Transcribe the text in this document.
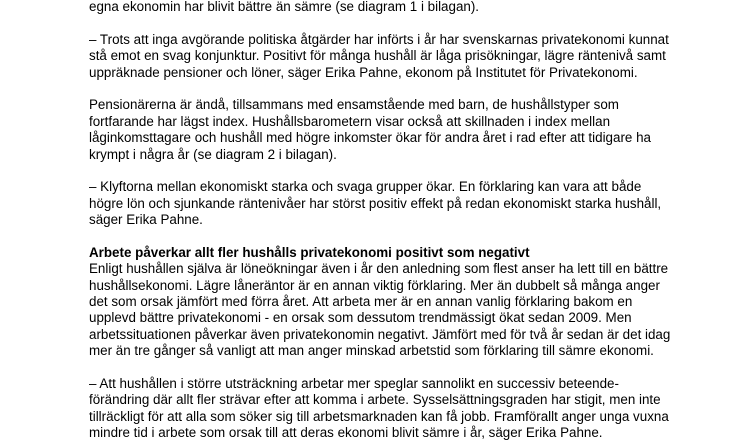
egna ekonomin har blivit bättre än sämre (se diagram 1 i bilagan).
– Trots att inga avgörande politiska åtgärder har införts i år har svenskarnas privatekonomi kunnat
stå emot en svag konjunktur. Positivt för många hushåll är låga prisökningar, lägre räntenivå samt
uppräknade pensioner och löner, säger Erika Pahne, ekonom på Institutet för Privatekonomi.
Pensionärerna är ändå, tillsammans med ensamstående med barn, de hushållstyper som
fortfarande har lägst index. Hushållsbarometern visar också att skillnaden i index mellan
låginkomsttagare och hushåll med högre inkomster ökar för andra året i rad efter att tidigare ha
krympt i några år (se diagram 2 i bilagan).
– Klyftorna mellan ekonomiskt starka och svaga grupper ökar. En förklaring kan vara att både
högre lön och sjunkande räntenivåer har störst positiv effekt på redan ekonomiskt starka hushåll,
säger Erika Pahne.
Arbete påverkar allt fler hushålls privatekonomi positivt som negativt
Enligt hushållen själva är löneökningar även i år den anledning som flest anser ha lett till en bättre
hushållsekonomi. Lägre låneräntor är en annan viktig förklaring. Mer än dubbelt så många anger
det som orsak jämfört med förra året. Att arbeta mer är en annan vanlig förklaring bakom en
upplevd bättre privatekonomi - en orsak som dessutom trendmässigt ökat sedan 2009. Men
arbetssituationen påverkar även privatekonomin negativt. Jämfört med för två år sedan är det idag
mer än tre gånger så vanligt att man anger minskad arbetstid som förklaring till sämre ekonomi.
– Att hushållen i större utsträckning arbetar mer speglar sannolikt en successiv beteende-
förändring där allt fler strävar efter att komma i arbete. Sysselsättningsgraden har stigit, men inte
tillräckligt för att alla som söker sig till arbetsmarknaden kan få jobb. Framförallt anger unga vuxna
mindre tid i arbete som orsak till att deras ekonomi blivit sämre i år, säger Erika Pahne.
